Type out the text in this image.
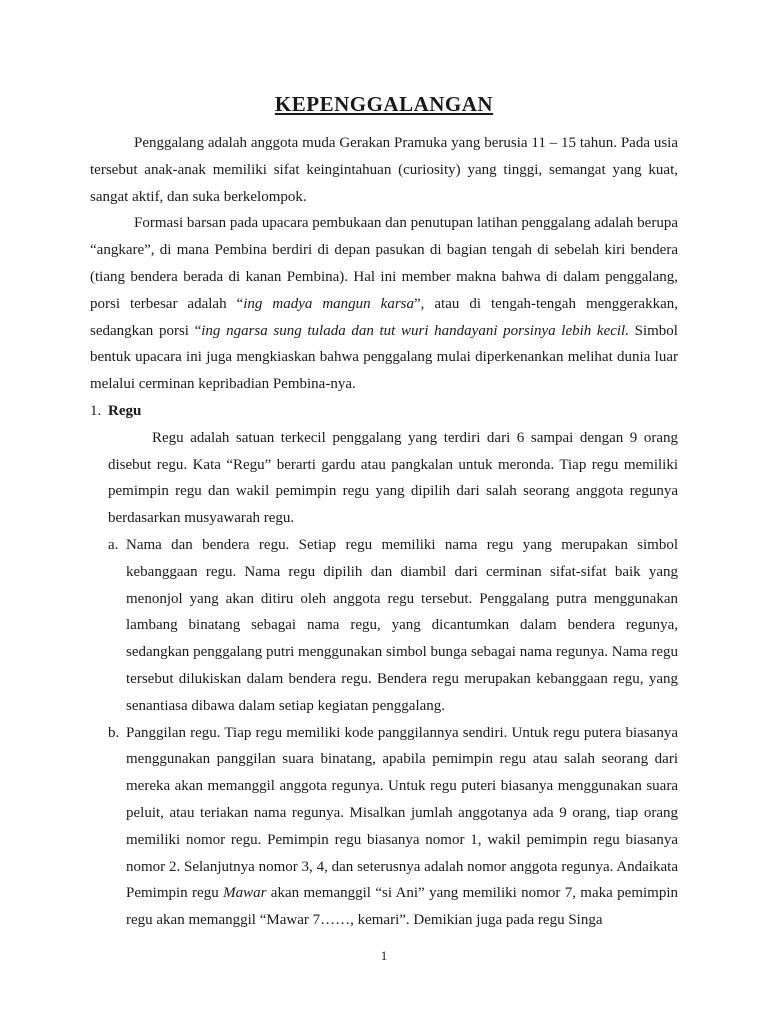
KEPENGGALANGAN

Penggalang adalah anggota muda Gerakan Pramuka yang berusia 11 – 15 tahun. Pada usia tersebut anak-anak memiliki sifat keingintahuan (curiosity) yang tinggi, semangat yang kuat, sangat aktif, dan suka berkelompok.

Formasi barsan pada upacara pembukaan dan penutupan latihan penggalang adalah berupa “angkare”, di mana Pembina berdiri di depan pasukan di bagian tengah di sebelah kiri bendera (tiang bendera berada di kanan Pembina). Hal ini member makna bahwa di dalam penggalang, porsi terbesar adalah “ing madya mangun karsa”, atau di tengah-tengah menggerakkan, sedangkan porsi “ing ngarsa sung tulada dan tut wuri handayani porsinya lebih kecil. Simbol bentuk upacara ini juga mengkiaskan bahwa penggalang mulai diperkenankan melihat dunia luar melalui cerminan kepribadian Pembina-nya.

1. Regu

Regu adalah satuan terkecil penggalang yang terdiri dari 6 sampai dengan 9 orang disebut regu. Kata “Regu” berarti gardu atau pangkalan untuk meronda. Tiap regu memiliki pemimpin regu dan wakil pemimpin regu yang dipilih dari salah seorang anggota regunya berdasarkan musyawarah regu.

a. Nama dan bendera regu. Setiap regu memiliki nama regu yang merupakan simbol kebanggaan regu. Nama regu dipilih dan diambil dari cerminan sifat-sifat baik yang menonjol yang akan ditiru oleh anggota regu tersebut. Penggalang putra menggunakan lambang binatang sebagai nama regu, yang dicantumkan dalam bendera regunya, sedangkan penggalang putri menggunakan simbol bunga sebagai nama regunya. Nama regu tersebut dilukiskan dalam bendera regu. Bendera regu merupakan kebanggaan regu, yang senantiasa dibawa dalam setiap kegiatan penggalang.

b. Panggilan regu. Tiap regu memiliki kode panggilannya sendiri. Untuk regu putera biasanya menggunakan panggilan suara binatang, apabila pemimpin regu atau salah seorang dari mereka akan memanggil anggota regunya. Untuk regu puteri biasanya menggunakan suara peluit, atau teriakan nama regunya. Misalkan jumlah anggotanya ada 9 orang, tiap orang memiliki nomor regu. Pemimpin regu biasanya nomor 1, wakil pemimpin regu biasanya nomor 2. Selanjutnya nomor 3, 4, dan seterusnya adalah nomor anggota regunya. Andaikata Pemimpin regu Mawar akan memanggil “si Ani” yang memiliki nomor 7, maka pemimpin regu akan memanggil “Mawar 7……, kemari”. Demikian juga pada regu Singa

1
